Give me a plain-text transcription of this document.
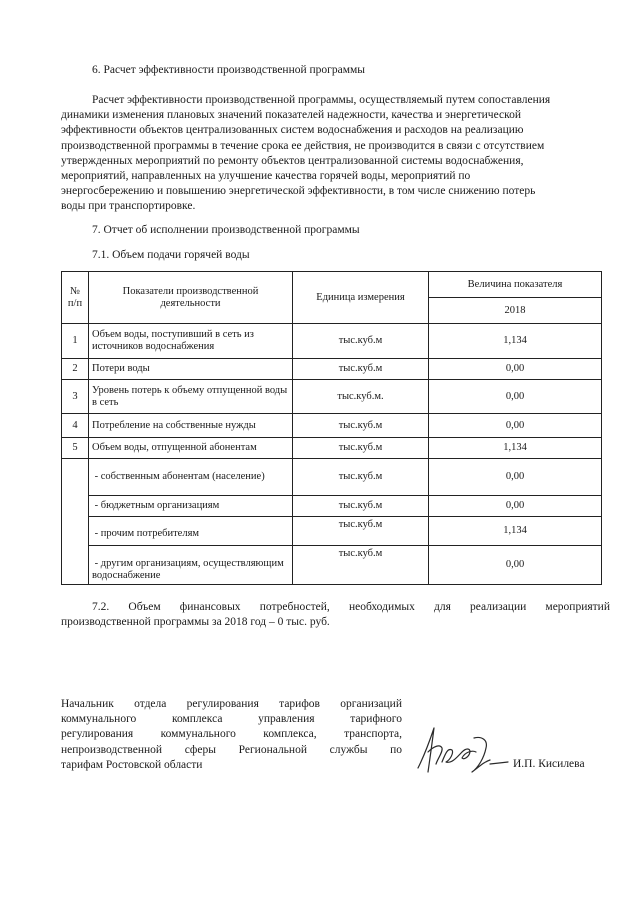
6. Расчет эффективности производственной программы
Расчет эффективности производственной программы, осуществляемый путем сопоставления
динамики изменения плановых значений показателей надежности, качества и энергетической
эффективности объектов централизованных систем водоснабжения и расходов на реализацию
производственной программы в течение срока ее действия, не производится в связи с отсутствием
утвержденных мероприятий по ремонту объектов централизованной системы водоснабжения,
мероприятий, направленных на улучшение качества горячей воды, мероприятий по
энергосбережению и повышению энергетической эффективности, в том числе снижению потерь
воды при транспортировке.
7. Отчет об исполнении производственной программы
7.1. Объем подачи горячей воды
№ п/п	Показатели производственной деятельности	Единица измерения	Величина показателя
			2018
1	Объем воды, поступивший в сеть из источников водоснабжения	тыс.куб.м	1,134
2	Потери воды	тыс.куб.м	0,00
3	Уровень потерь к объему отпущенной воды в сеть	тыс.куб.м.	0,00
4	Потребление на собственные нужды	тыс.куб.м	0,00
5	Объем воды, отпущенной абонентам	тыс.куб.м	1,134
	- собственным абонентам (население)	тыс.куб.м	0,00
	- бюджетным организациям	тыс.куб.м	0,00
	- прочим потребителям	тыс.куб.м	1,134
	- другим организациям, осуществляющим водоснабжение	тыс.куб.м	0,00
7.2. Объем финансовых потребностей, необходимых для реализации мероприятий
производственной программы за 2018 год – 0 тыс. руб.
Начальник отдела регулирования тарифов организаций
коммунального комплекса управления тарифного
регулирования коммунального комплекса, транспорта,
непроизводственной сферы Региональной службы по
тарифам Ростовской области	И.П. Кисилева
